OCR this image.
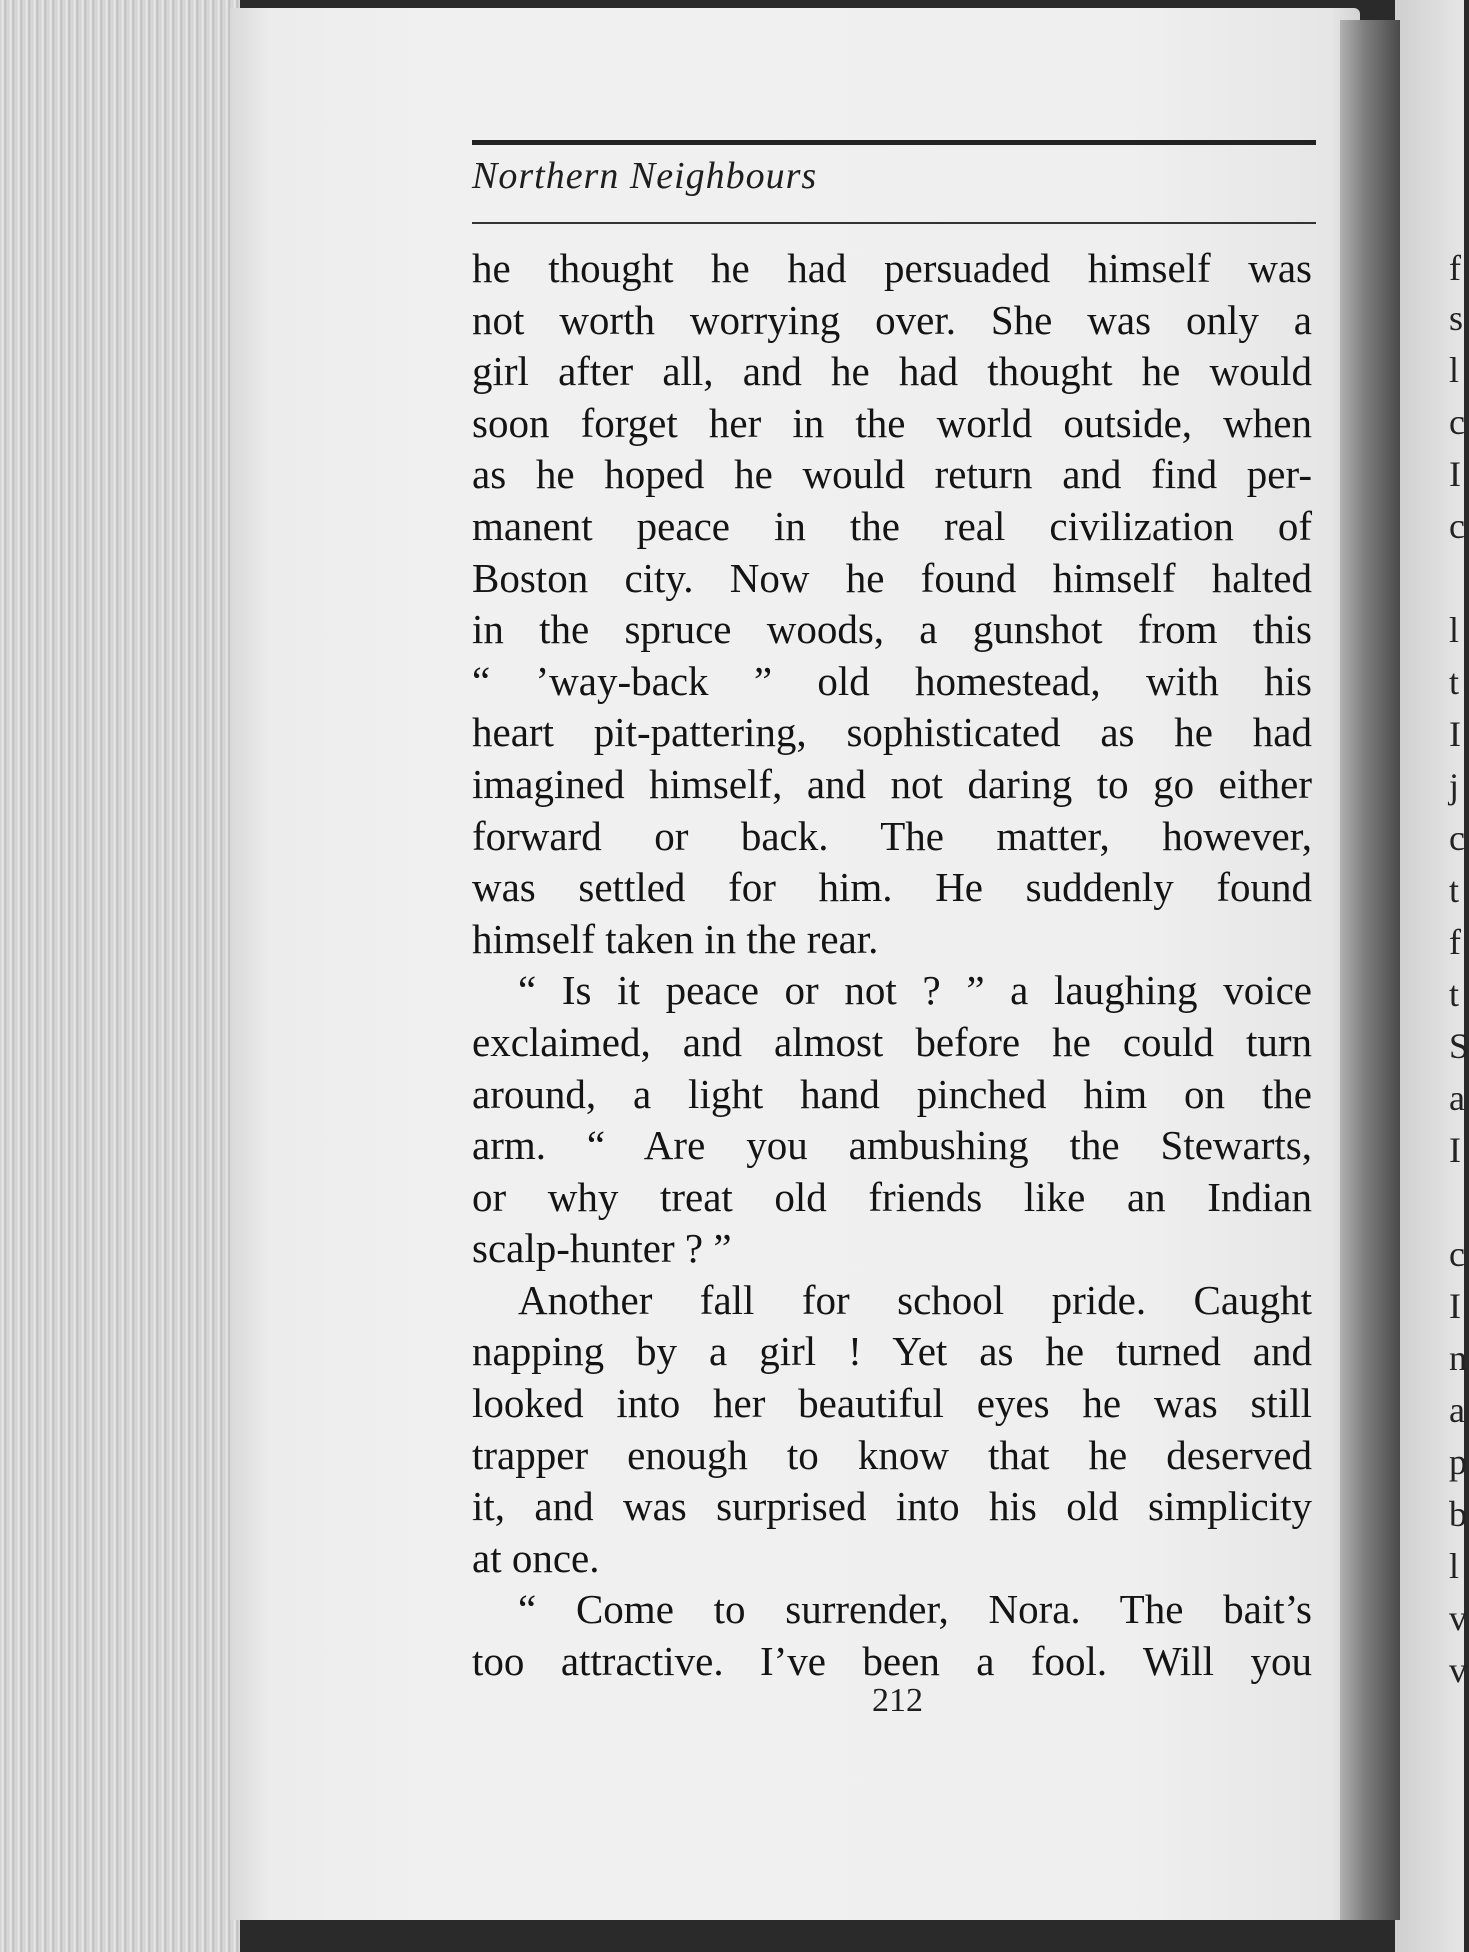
f
s
l
c
I
c
l
t
I
j
c
t
f
t
S
a
I
c
I
n
a
p
b
l
v
v
Northern Neighbours
he thought he had persuaded himself was
not worth worrying over. She was only a
girl after all, and he had thought he would
soon forget her in the world outside, when
as he hoped he would return and find per-
manent peace in the real civilization of
Boston city. Now he found himself halted
in the spruce woods, a gunshot from this
“ ’way-back ” old homestead, with his
heart pit-pattering, sophisticated as he had
imagined himself, and not daring to go either
forward or back. The matter, however,
was settled for him. He suddenly found
himself taken in the rear.
“ Is it peace or not ? ” a laughing voice
exclaimed, and almost before he could turn
around, a light hand pinched him on the
arm. “ Are you ambushing the Stewarts,
or why treat old friends like an Indian
scalp-hunter ? ”
Another fall for school pride. Caught
napping by a girl ! Yet as he turned and
looked into her beautiful eyes he was still
trapper enough to know that he deserved
it, and was surprised into his old simplicity
at once.
“ Come to surrender, Nora. The bait’s
too attractive. I’ve been a fool. Will you
212
